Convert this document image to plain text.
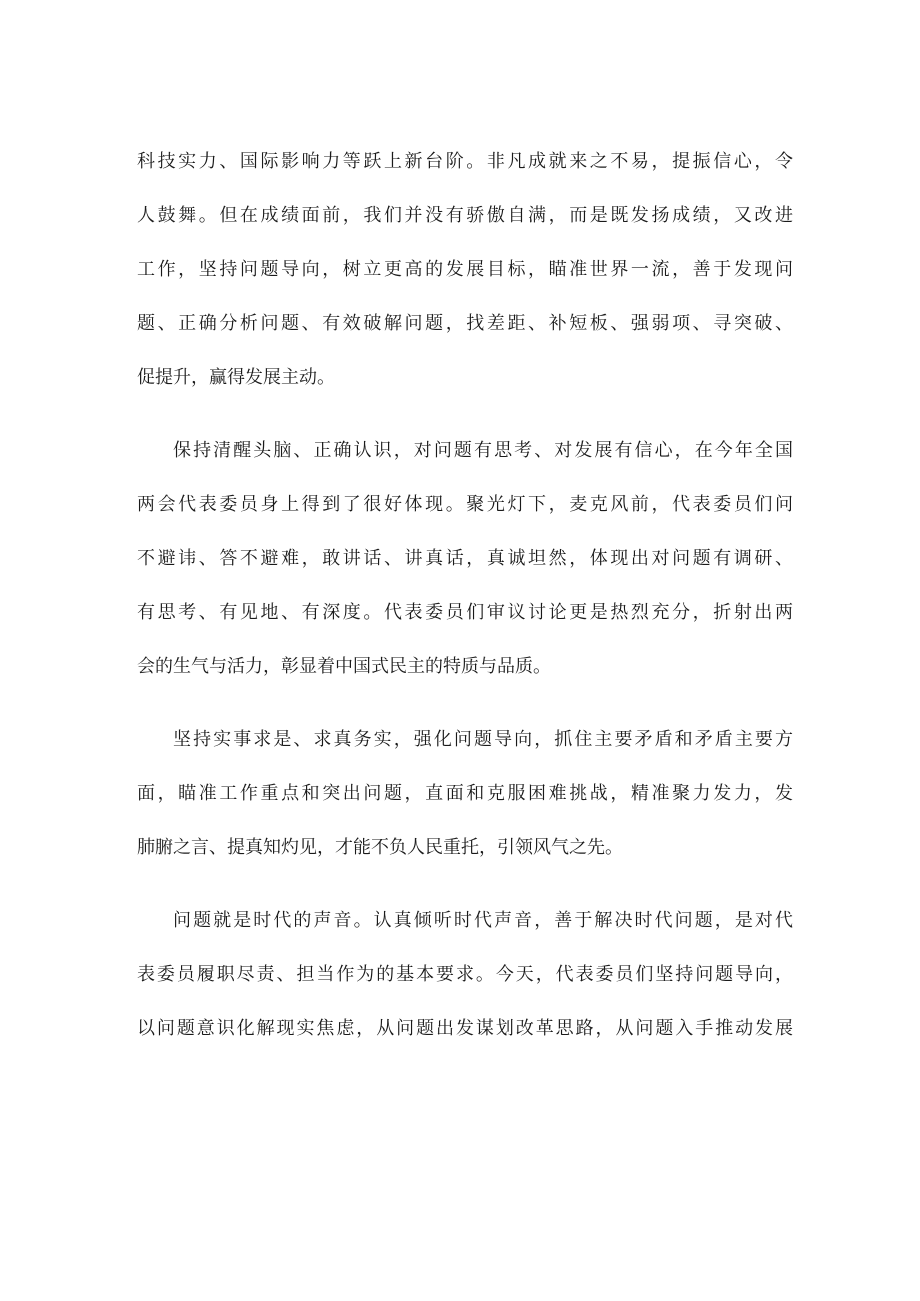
科技实力、国际影响力等跃上新台阶。非凡成就来之不易，提振信心，令
人鼓舞。但在成绩面前，我们并没有骄傲自满，而是既发扬成绩，又改进
工作，坚持问题导向，树立更高的发展目标，瞄准世界一流，善于发现问
题、正确分析问题、有效破解问题，找差距、补短板、强弱项、寻突破、
促提升，赢得发展主动。
保持清醒头脑、正确认识，对问题有思考、对发展有信心，在今年全国
两会代表委员身上得到了很好体现。聚光灯下，麦克风前，代表委员们问
不避讳、答不避难，敢讲话、讲真话，真诚坦然，体现出对问题有调研、
有思考、有见地、有深度。代表委员们审议讨论更是热烈充分，折射出两
会的生气与活力，彰显着中国式民主的特质与品质。
坚持实事求是、求真务实，强化问题导向，抓住主要矛盾和矛盾主要方
面，瞄准工作重点和突出问题，直面和克服困难挑战，精准聚力发力，发
肺腑之言、提真知灼见，才能不负人民重托，引领风气之先。
问题就是时代的声音。认真倾听时代声音，善于解决时代问题，是对代
表委员履职尽责、担当作为的基本要求。今天，代表委员们坚持问题导向，
以问题意识化解现实焦虑，从问题出发谋划改革思路，从问题入手推动发展
